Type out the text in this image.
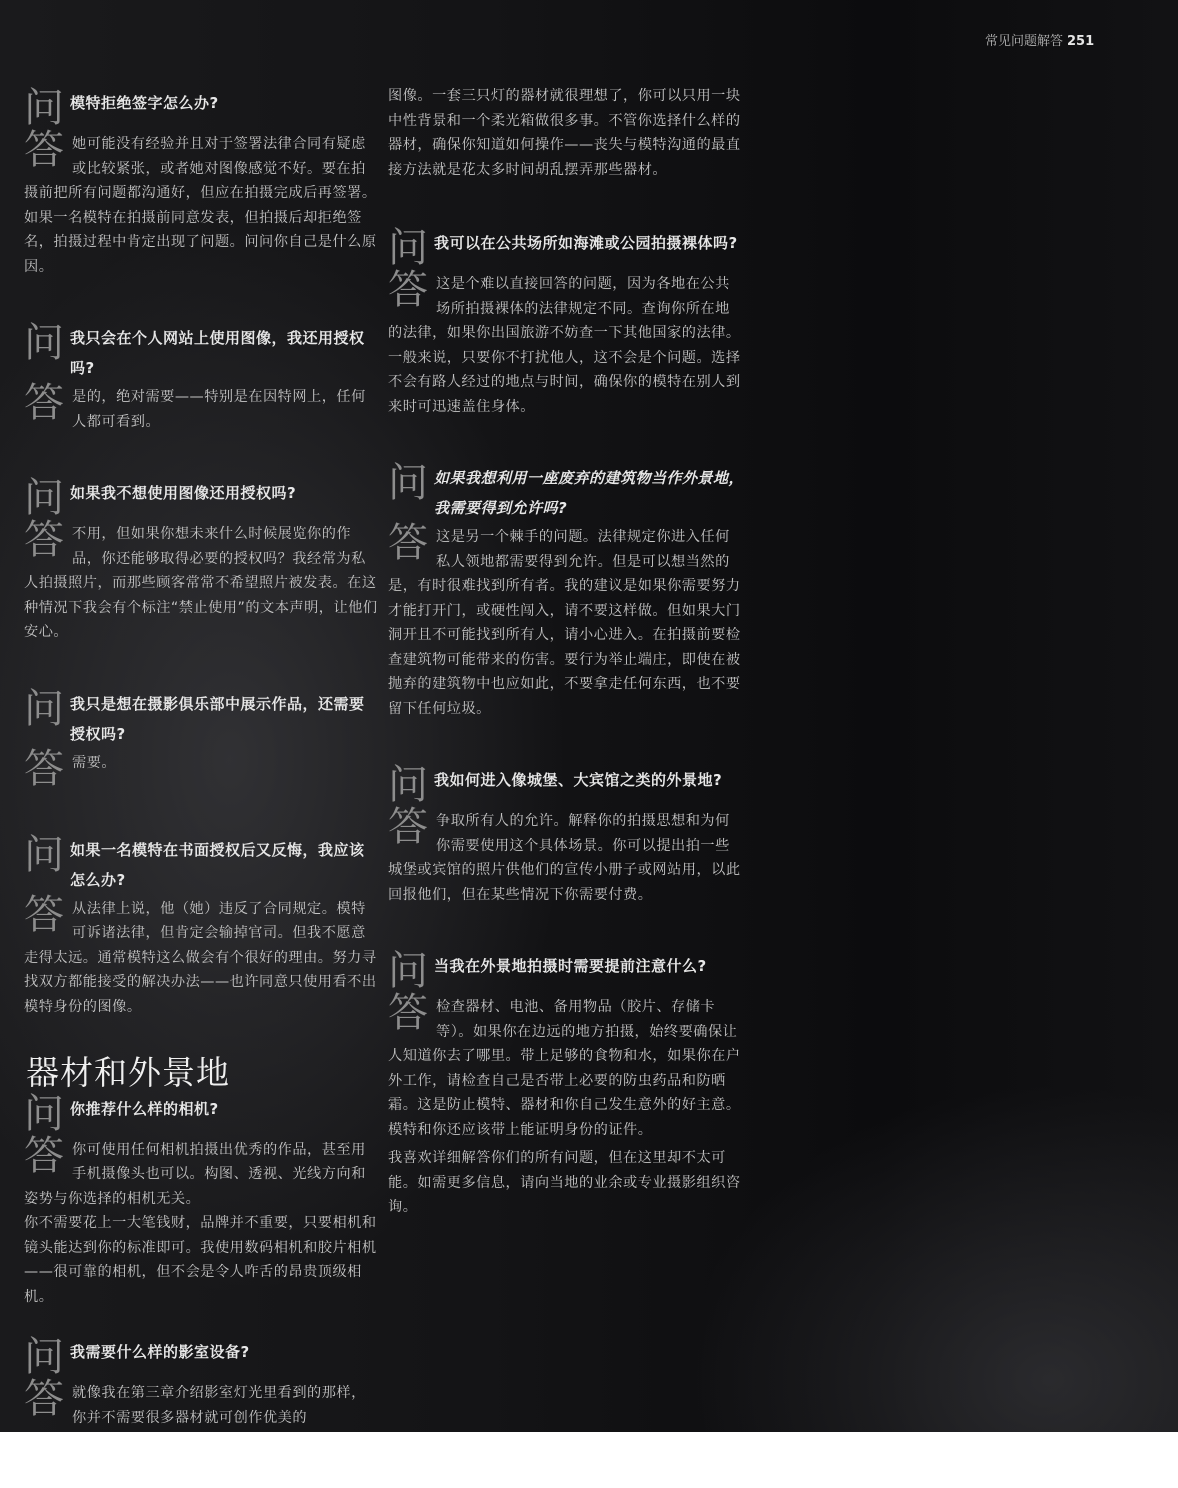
常见问题解答 251
问 模特拒绝签字怎么办?
答 她可能没有经验并且对于签署法律合同有疑虑或比较紧张，或者她对图像感觉不好。要在拍摄前把所有问题都沟通好，但应在拍摄完成后再签署。如果一名模特在拍摄前同意发表，但拍摄后却拒绝签名，拍摄过程中肯定出现了问题。问问你自己是什么原因。

问 我只会在个人网站上使用图像，我还用授权吗?
答 是的，绝对需要——特别是在因特网上，任何人都可看到。

问 如果我不想使用图像还用授权吗?
答 不用，但如果你想未来什么时候展览你的作品，你还能够取得必要的授权吗？我经常为私人拍摄照片，而那些顾客常常不希望照片被发表。在这种情况下我会有个标注“禁止使用”的文本声明，让他们安心。

问 我只是想在摄影俱乐部中展示作品，还需要授权吗?
答 需要。

问 如果一名模特在书面授权后又反悔，我应该怎么办?
答 从法律上说，他（她）违反了合同规定。模特可诉诸法律，但肯定会输掉官司。但我不愿意走得太远。通常模特这么做会有个很好的理由。努力寻找双方都能接受的解决办法——也许同意只使用看不出模特身份的图像。

器材和外景地
问 你推荐什么样的相机?
答 你可使用任何相机拍摄出优秀的作品，甚至用手机摄像头也可以。构图、透视、光线方向和姿势与你选择的相机无关。

你不需要花上一大笔钱财，品牌并不重要，只要相机和镜头能达到你的标准即可。我使用数码相机和胶片相机——很可靠的相机，但不会是令人咋舌的昂贵顶级相机。

问 我需要什么样的影室设备?
答 就像我在第三章介绍影室灯光里看到的那样，你并不需要很多器材就可创作优美的

图像。一套三只灯的器材就很理想了，你可以只用一块中性背景和一个柔光箱做很多事。不管你选择什么样的器材，确保你知道如何操作——丧失与模特沟通的最直接方法就是花太多时间胡乱摆弄那些器材。

问 我可以在公共场所如海滩或公园拍摄裸体吗?
答 这是个难以直接回答的问题，因为各地在公共场所拍摄裸体的法律规定不同。查询你所在地的法律，如果你出国旅游不妨查一下其他国家的法律。一般来说，只要你不打扰他人，这不会是个问题。选择不会有路人经过的地点与时间，确保你的模特在别人到来时可迅速盖住身体。

问 如果我想利用一座废弃的建筑物当作外景地，我需要得到允许吗?
答 这是另一个棘手的问题。法律规定你进入任何私人领地都需要得到允许。但是可以想当然的是，有时很难找到所有者。我的建议是如果你需要努力才能打开门，或硬性闯入，请不要这样做。但如果大门洞开且不可能找到所有人，请小心进入。在拍摄前要检查建筑物可能带来的伤害。要行为举止端庄，即使在被抛弃的建筑物中也应如此，不要拿走任何东西，也不要留下任何垃圾。

问 我如何进入像城堡、大宾馆之类的外景地?
答 争取所有人的允许。解释你的拍摄思想和为何你需要使用这个具体场景。你可以提出拍一些城堡或宾馆的照片供他们的宣传小册子或网站用，以此回报他们，但在某些情况下你需要付费。

问 当我在外景地拍摄时需要提前注意什么?
答 检查器材、电池、备用物品（胶片、存储卡等）。如果你在边远的地方拍摄，始终要确保让人知道你去了哪里。带上足够的食物和水，如果你在户外工作，请检查自己是否带上必要的防虫药品和防晒霜。这是防止模特、器材和你自己发生意外的好主意。模特和你还应该带上能证明身份的证件。

我喜欢详细解答你们的所有问题，但在这里却不太可能。如需更多信息，请向当地的业余或专业摄影组织咨询。
